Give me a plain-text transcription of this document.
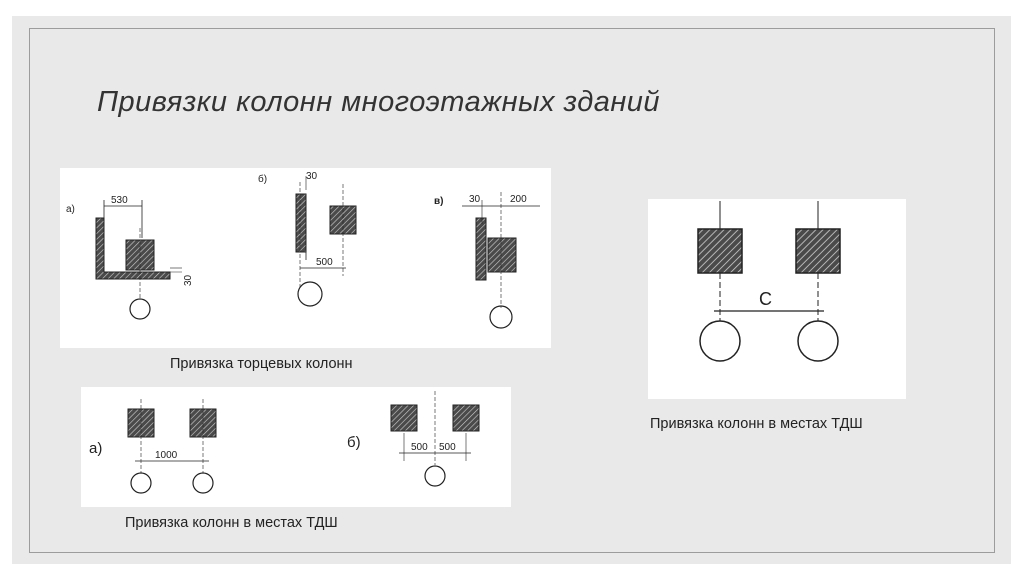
Привязки колонн многоэтажных зданий
а)
530
30
б)	30
500
в)	30	200
Привязка торцевых колонн
а)	1000
б)	500 500
Привязка колонн в местах ТДШ
С
Привязка колонн в местах ТДШ
